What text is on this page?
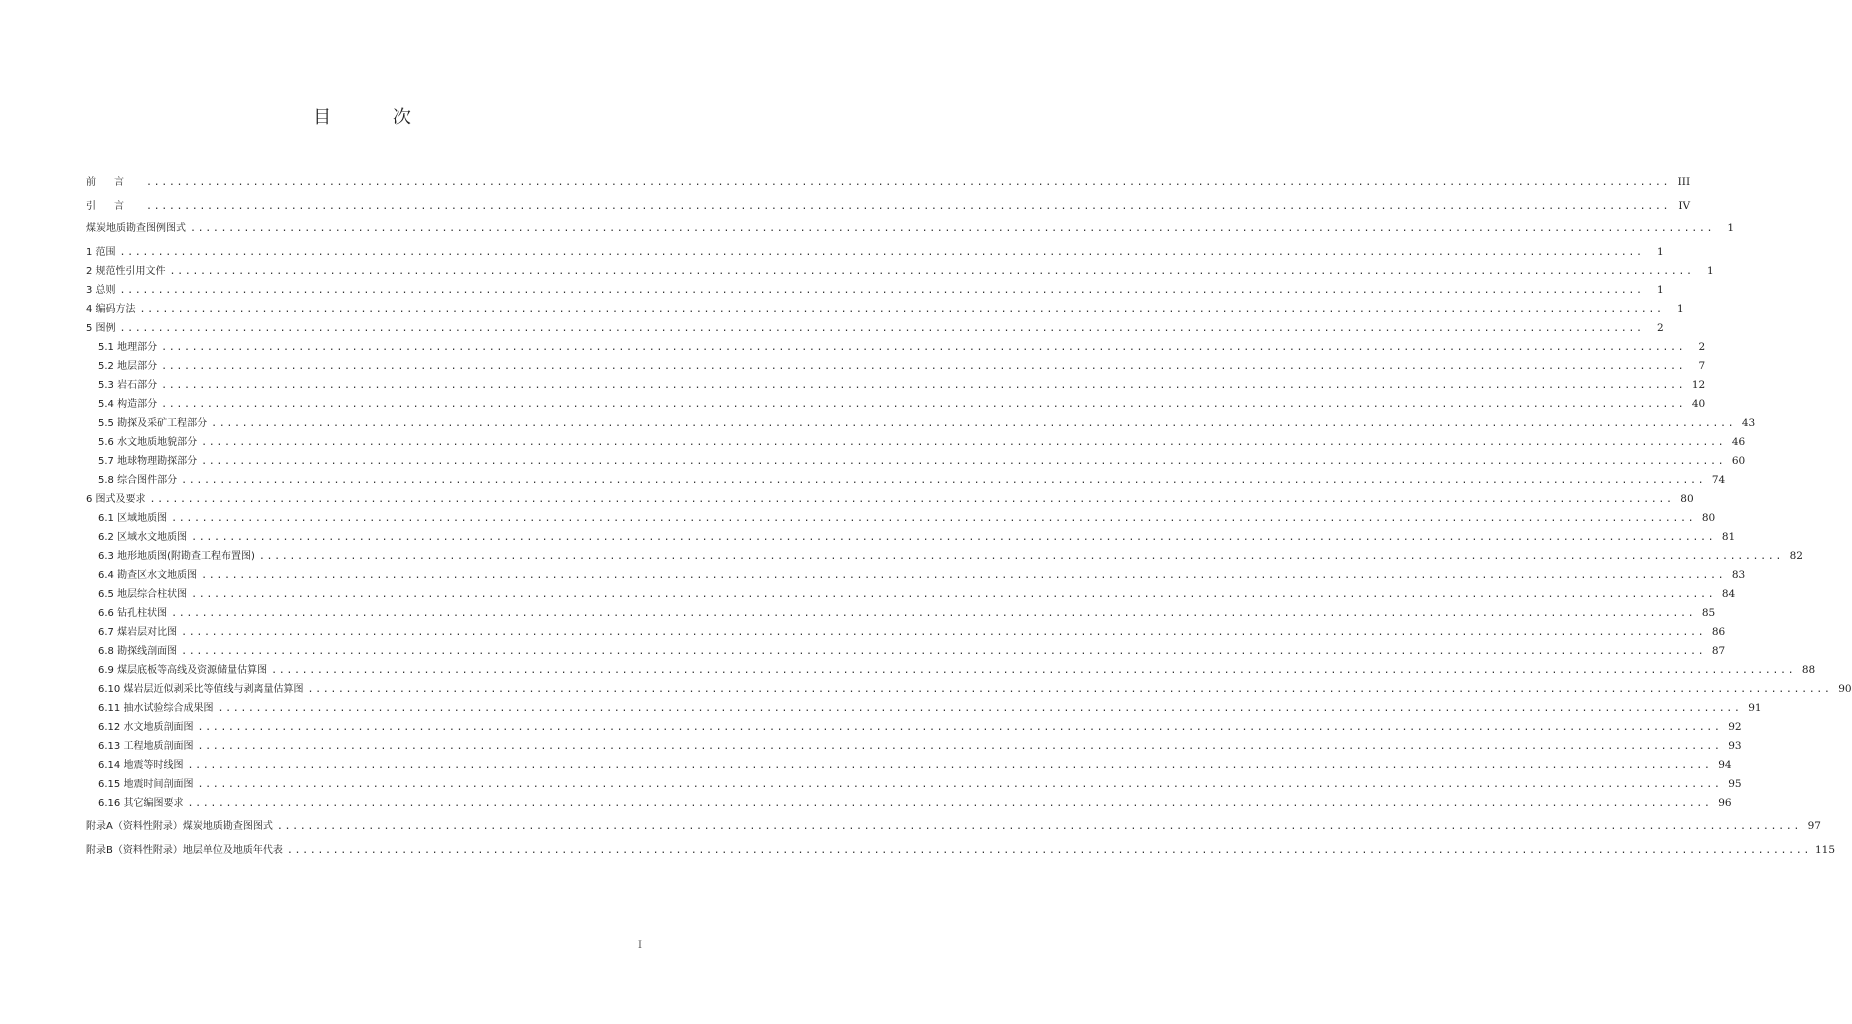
目 次
前言 ........................................................................................................................................................................................................ III
引言 ........................................................................................................................................................................................................ IV
煤炭地质勘查图例图式 ........................................................................................................................................................................................................	1
1 范围 ........................................................................................................................................................................................................	1
2 规范性引用文件 ........................................................................................................................................................................................................	1
3 总则 ........................................................................................................................................................................................................	1
4 编码方法 ........................................................................................................................................................................................................	1
5 图例 ........................................................................................................................................................................................................	2
5.1 地理部分 ........................................................................................................................................................................................................	2
5.2 地层部分 ........................................................................................................................................................................................................	7
5.3 岩石部分 ........................................................................................................................................................................................................ 12
5.4 构造部分 ........................................................................................................................................................................................................ 40
5.5 勘探及采矿工程部分 ........................................................................................................................................................................................................ 43
5.6 水文地质地貌部分 ........................................................................................................................................................................................................ 46
5.7 地球物理勘探部分 ........................................................................................................................................................................................................ 60
5.8 综合图件部分 ........................................................................................................................................................................................................ 74
6 图式及要求 ........................................................................................................................................................................................................ 80
6.1 区域地质图 ........................................................................................................................................................................................................ 80
6.2 区域水文地质图 ........................................................................................................................................................................................................ 81
6.3 地形地质图(附勘查工程布置图) ........................................................................................................................................................................................................ 82
6.4 勘查区水文地质图 ........................................................................................................................................................................................................ 83
6.5 地层综合柱状图 ........................................................................................................................................................................................................ 84
6.6 钻孔柱状图 ........................................................................................................................................................................................................ 85
6.7 煤岩层对比图 ........................................................................................................................................................................................................ 86
6.8 勘探线剖面图 ........................................................................................................................................................................................................ 87
6.9 煤层底板等高线及资源储量估算图 ........................................................................................................................................................................................................ 88
6.10 煤岩层近似剥采比等值线与剥离量估算图 ........................................................................................................................................................................................................ 90
6.11 抽水试验综合成果图 ........................................................................................................................................................................................................ 91
6.12 水文地质剖面图 ........................................................................................................................................................................................................ 92
6.13 工程地质剖面图 ........................................................................................................................................................................................................ 93
6.14 地震等时线图 ........................................................................................................................................................................................................ 94
6.15 地震时间剖面图 ........................................................................................................................................................................................................ 95
6.16 其它编图要求 ........................................................................................................................................................................................................ 96
附录A（资料性附录）煤炭地质勘查图图式 ........................................................................................................................................................................................................ 97
附录B（资料性附录）地层单位及地质年代表 ........................................................................................................................................................................................................ 115
I
